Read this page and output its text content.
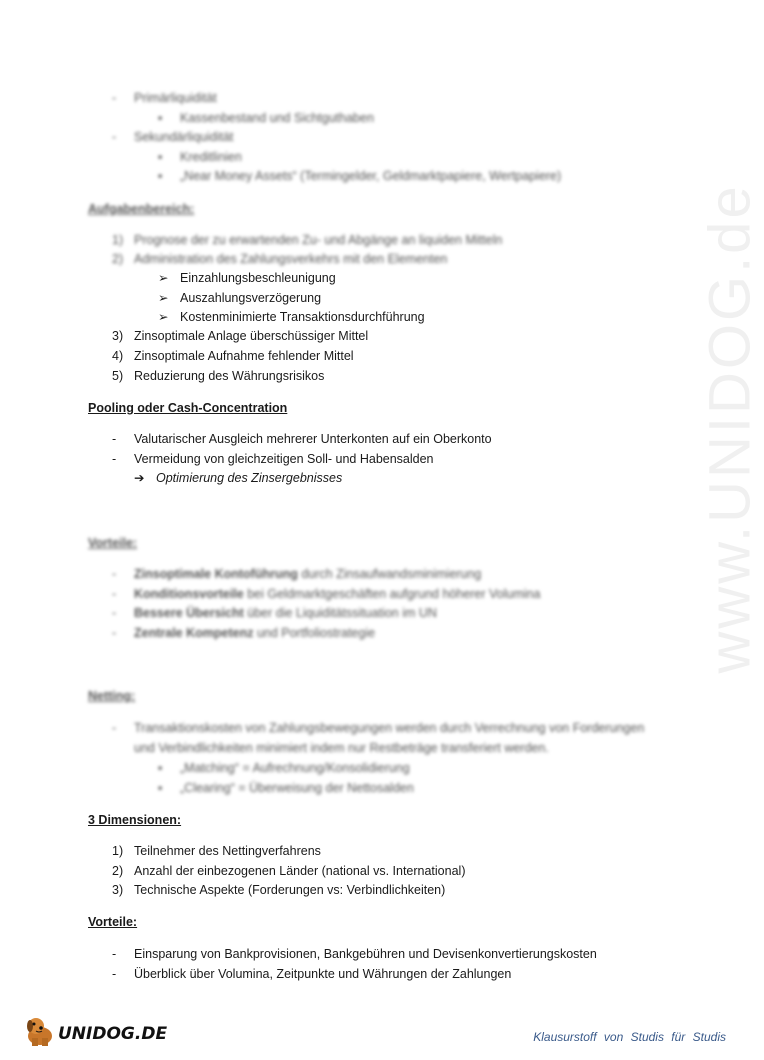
www.UNIDOG.de
- Primärliquidität
▪ Kassenbestand und Sichtguthaben
- Sekundärliquidität
▪ Kreditlinien
▪ „Near Money Assets“ (Termingelder, Geldmarktpapiere, Wertpapiere)
Aufgabenbereich:
1) Prognose der zu erwartenden Zu- und Abgänge an liquiden Mitteln
2) Administration des Zahlungsverkehrs mit den Elementen
➢ Einzahlungsbeschleunigung
➢ Auszahlungsverzögerung
➢ Kostenminimierte Transaktionsdurchführung
3) Zinsoptimale Anlage überschüssiger Mittel
4) Zinsoptimale Aufnahme fehlender Mittel
5) Reduzierung des Währungsrisikos
Pooling oder Cash-Concentration
- Valutarischer Ausgleich mehrerer Unterkonten auf ein Oberkonto
- Vermeidung von gleichzeitigen Soll- und Habensalden
➔ Optimierung des Zinsergebnisses
Vorteile:
- Zinsoptimale Kontoführung durch Zinsaufwandsminimierung
- Konditionsvorteile bei Geldmarktgeschäften aufgrund höherer Volumina
- Bessere Übersicht über die Liquiditätssituation im UN
- Zentrale Kompetenz und Portfoliostrategie
Netting:
- Transaktionskosten von Zahlungsbewegungen werden durch Verrechnung von Forderungen
und Verbindlichkeiten minimiert indem nur Restbeträge transferiert werden.
▪ „Matching“ = Aufrechnung/Konsolidierung
▪ „Clearing“ = Überweisung der Nettosalden
3 Dimensionen:
1) Teilnehmer des Nettingverfahrens
2) Anzahl der einbezogenen Länder (national vs. International)
3) Technische Aspekte (Forderungen vs: Verbindlichkeiten)
Vorteile:
- Einsparung von Bankprovisionen, Bankgebühren und Devisenkonvertierungskosten
- Überblick über Volumina, Zeitpunkte und Währungen der Zahlungen
UNIDOG.DE	Klausurstoff von Studis für Studis
